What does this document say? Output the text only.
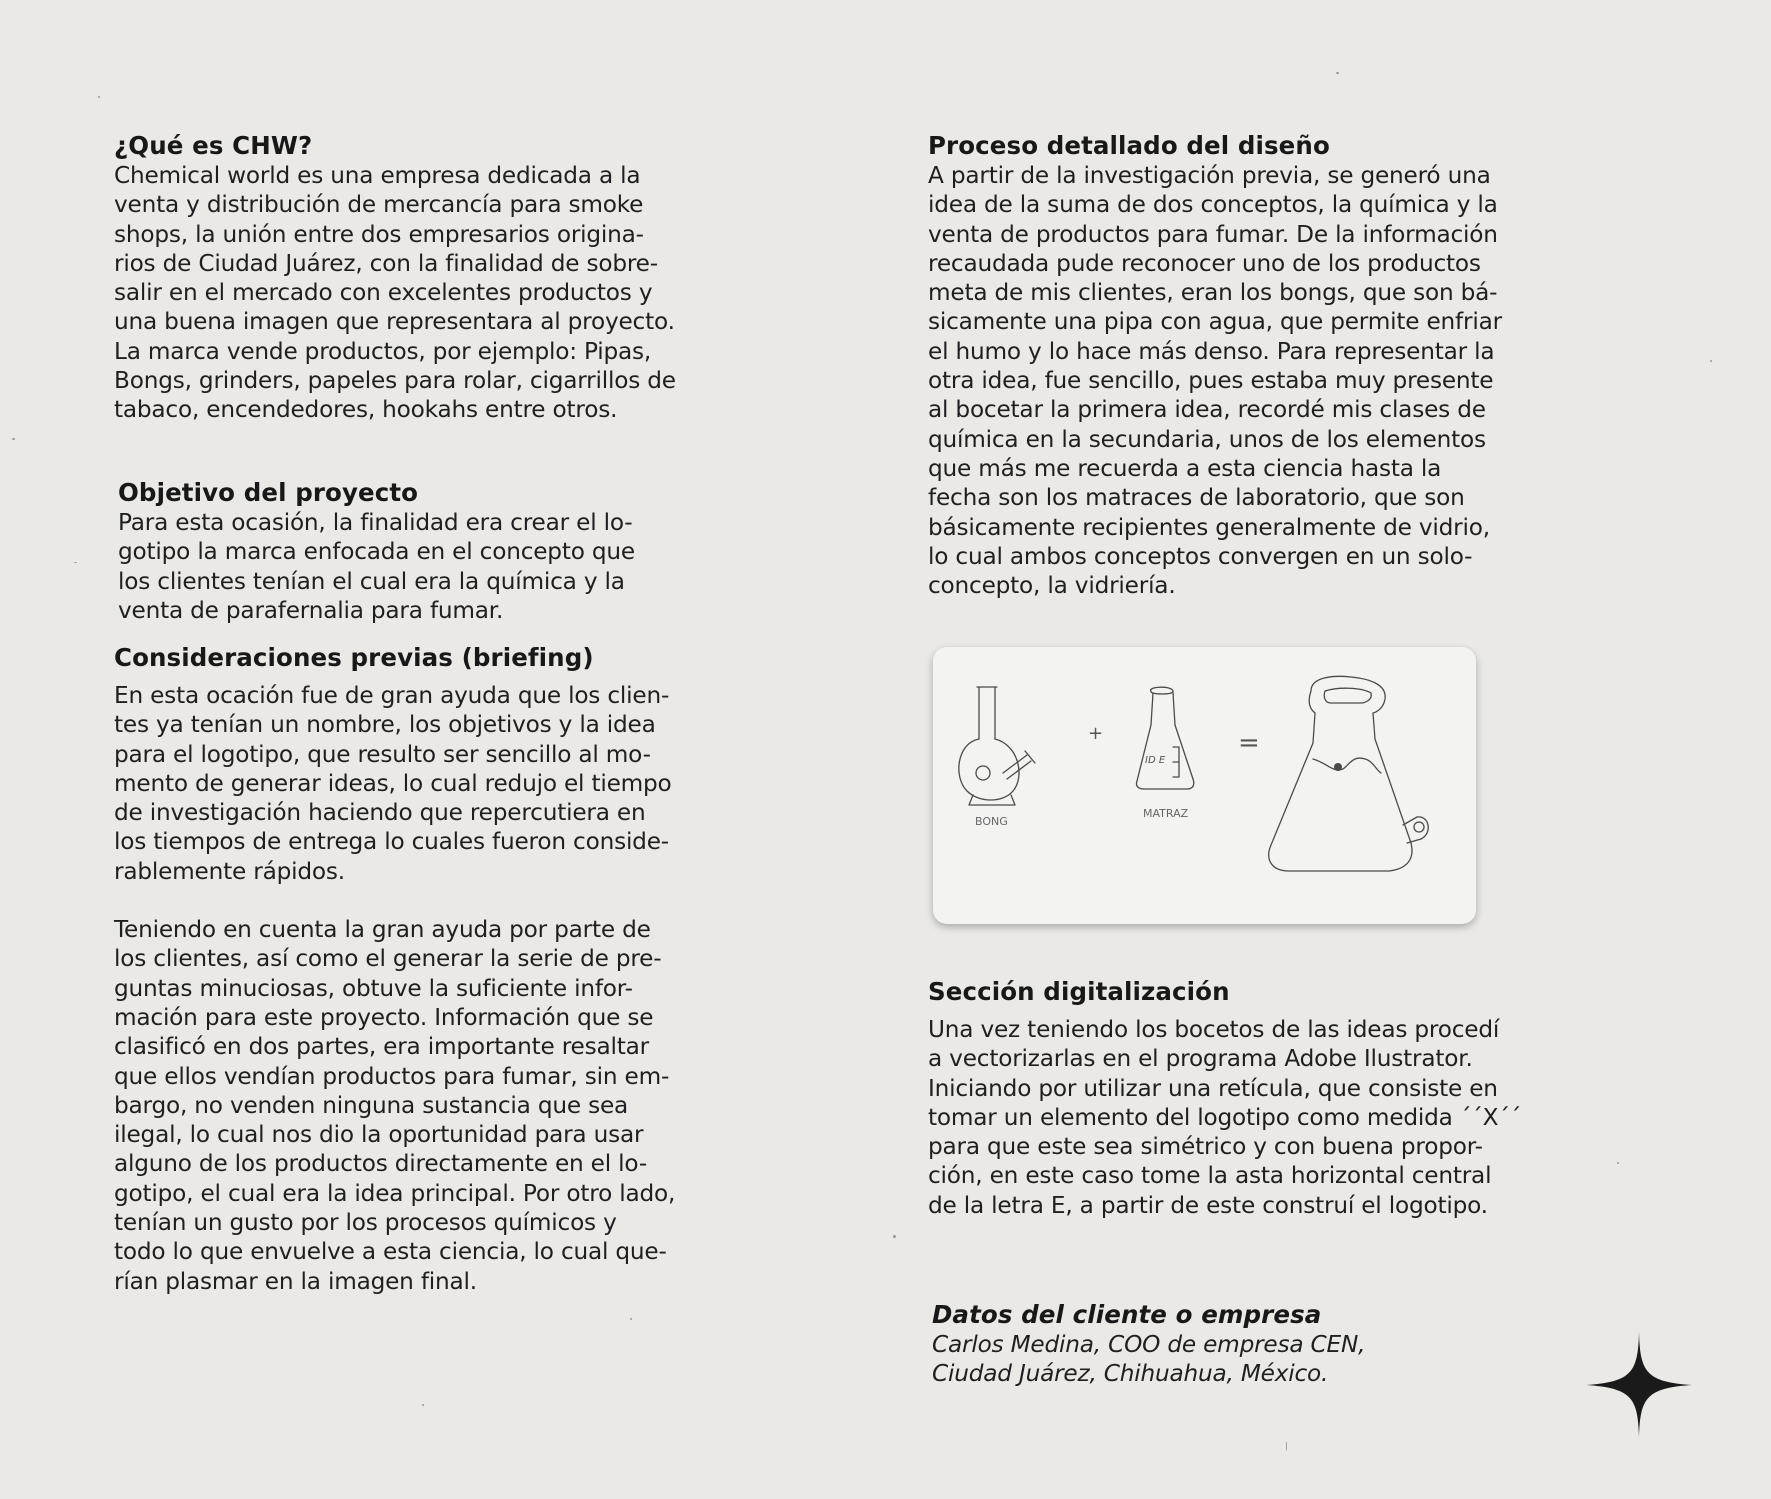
¿Qué es CHW?

Chemical world es una empresa dedicada a la
venta y distribución de mercancía para smoke
shops, la unión entre dos empresarios origina-
rios de Ciudad Juárez, con la finalidad de sobre-
salir en el mercado con excelentes productos y
una buena imagen que representara al proyecto.
La marca vende productos, por ejemplo: Pipas,
Bongs, grinders, papeles para rolar, cigarrillos de
tabaco, encendedores, hookahs entre otros.

Objetivo del proyecto

Para esta ocasión, la finalidad era crear el lo-
gotipo la marca enfocada en el concepto que
los clientes tenían el cual era la química y la
venta de parafernalia para fumar.

Consideraciones previas (briefing)

En esta ocación fue de gran ayuda que los clien-
tes ya tenían un nombre, los objetivos y la idea
para el logotipo, que resulto ser sencillo al mo-
mento de generar ideas, lo cual redujo el tiempo
de investigación haciendo que repercutiera en
los tiempos de entrega lo cuales fueron conside-
rablemente rápidos.

Teniendo en cuenta la gran ayuda por parte de
los clientes, así como el generar la serie de pre-
guntas minuciosas, obtuve la suficiente infor-
mación para este proyecto. Información que se
clasificó en dos partes, era importante resaltar
que ellos vendían productos para fumar, sin em-
bargo, no venden ninguna sustancia que sea
ilegal, lo cual nos dio la oportunidad para usar
alguno de los productos directamente en el lo-
gotipo, el cual era la idea principal. Por otro lado,
tenían un gusto por los procesos químicos y
todo lo que envuelve a esta ciencia, lo cual que-
rían plasmar en la imagen final.

Proceso detallado del diseño

A partir de la investigación previa, se generó una
idea de la suma de dos conceptos, la química y la
venta de productos para fumar. De la información
recaudada pude reconocer uno de los productos
meta de mis clientes, eran los bongs, que son bá-
sicamente una pipa con agua, que permite enfriar
el humo y lo hace más denso. Para representar la
otra idea, fue sencillo, pues estaba muy presente
al bocetar la primera idea, recordé mis clases de
química en la secundaria, unos de los elementos
que más me recuerda a esta ciencia hasta la
fecha son los matraces de laboratorio, que son
básicamente recipientes generalmente de vidrio,
lo cual ambos conceptos convergen en un solo-
concepto, la vidriería.

BONG
+
ID E
MATRAZ
=
Sección digitalización

Una vez teniendo los bocetos de las ideas procedí
a vectorizarlas en el programa Adobe Ilustrator.
Iniciando por utilizar una retícula, que consiste en
tomar un elemento del logotipo como medida ´´X´´
para que este sea simétrico y con buena propor-
ción, en este caso tome la asta horizontal central
de la letra E, a partir de este construí el logotipo.

Datos del cliente o empresa

Carlos Medina, COO de empresa CEN,
Ciudad Juárez, Chihuahua, México.
